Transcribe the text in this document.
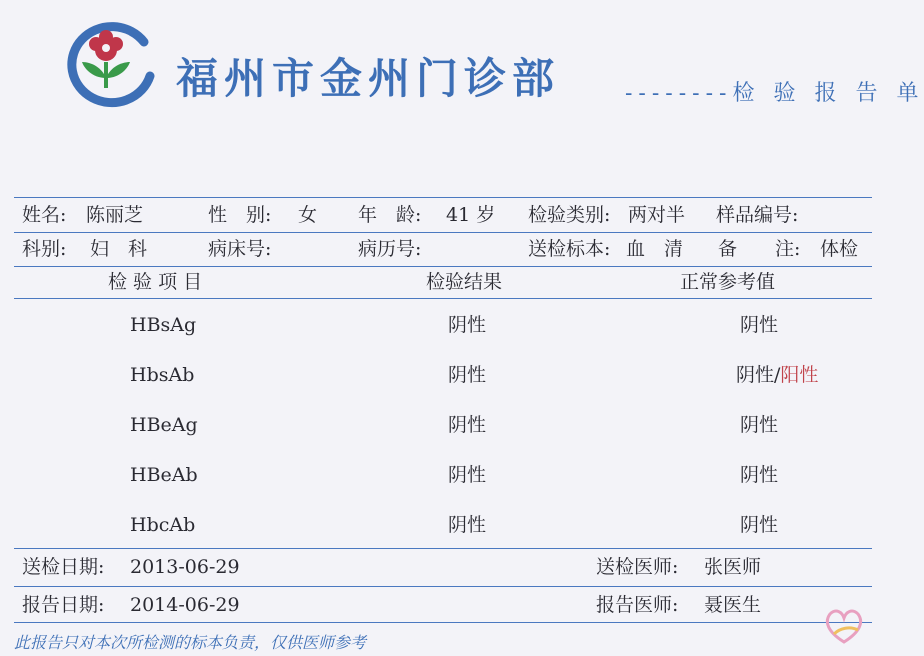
福州市金州门诊部	--------检 验 报 告 单
姓名: 陈丽芝	性　别: 女 年　龄: 41 岁 检验类别: 两对半 样品编号:
科别: 妇　科	病床号:	病历号:	送检标本: 血　清 备　　注: 体检
检 验 项 目	检验结果	正常参考值
HBsAg	阴性	阴性
HbsAb	阴性	阴性/阳性
HBeAg	阴性	阴性
HBeAb	阴性	阴性
HbcAb	阴性	阴性
送检日期: 2013-06-29	送检医师: 张医师
报告日期: 2014-06-29	报告医师: 聂医生
此报告只对本次所检测的标本负责，仅供医师参考
